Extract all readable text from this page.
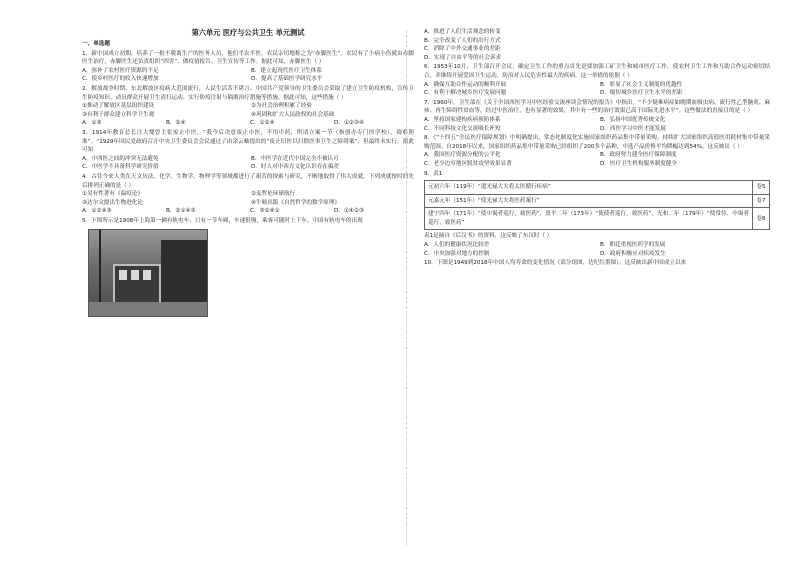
第六单元 医疗与公共卫生 单元测试
一、单选题
1．新中国成立初期，培养了一批不脱离生产的医务人员，他们半农半医，农民亲切地称之为“赤脚医生”。农民有了小病小伤就由赤脚医生治疗，赤脚医生还负责组织“四害”、做疫情报告、卫生宣传等工作。据此可知，赤脚医生（ ）
A．弥补了农村医疗资源的不足	B．建立起现代医疗卫生体系
C．使乡村医疗的收入快速增加	D．提高了基础医学研究水平
2．解放战争时期，东北解放区疫病大范围流行，人民生活苦不堪言。中国共产党领导的卫生委员会采取了建立卫生防疫机构，宣传卫生防疫知识、动员群众开展卫生清扫运动、实行防疫注射与隔离治疗措施等措施。据此可知，这些措施（ ）
①推动了解放区基层组织建设	②为社会治理积累了经验
③有利于群众建立科学卫生观	④巩固和扩大人民政权的社会基础
A．①③	B．②④	C．①②④	D．①②③④
3．1914年教育总长汪大燮曾主张废止中医，“我今后决意废止中医，不用中药，所请立案一节（指创办专门医学校），碍难照准”。“1929年国民党政府召开中央卫生委员会会议通过了由余云岫提出的“废止旧医以扫除医事卫生之障碍案”，但最终未实行。据此可知
A．中西医之间的冲突无法避免	B．中医学在近代中国完全不被认可
C．中医学不具备科学研究价值	D．时人对中西方文化认识存在偏差
4．古往今来人类在天文历法、化学、生物学、物理学等领域都进行了艰苦的探索与研究，不断地取得了伟大成就。下列成就按时间先后排列正确的是（ ）
①吴有性著有《温疫论》	②麦哲伦环球航行
③达尔文提出生物进化论	④牛顿出版《自然哲学的数学原理》
A．①②④③	B．②①④③	C．③②④①	D．①④②③
5．下图所示是1908年上海第一辆有轨电车，只有一节车厢，车速很慢，乘客可随时上下车。中国有轨电车的出现
A．推进了人们生活观念的转变
B．完全改变了人们的出行方式
C．消除了中外交通事业的差距
D．实现了自由平等的社会诉求
6．1953年10月，卫生部召开会议，确定卫生工作的重点首先是要加强工矿卫生和城市医疗工作，使农村卫生工作和互助合作运动密切结合，并继续开展爱国卫生运动，防治对人民危害性最大的疾病。这一举措的依据（ ）
A．确保互助合作运动的顺利开展	B．彰显了社会主义制度的优越性
C．有利于解决城乡医疗发展问题	D．缩短城乡医疗卫生水平的差距
7．1960年，卫生部在《关于全国西医学习中医经验交流座谈会情况的报告》中指出，“不少疑难病症如晚期血吸虫病、流行性乙型脑炎、麻疹、再生障碍性贫血等，经过中医治疗，也有显著的效果，其中有一些的治疗效果已高于国际先进水平”。这些做法的直接目的是（ ）
A．坚持国家建构疾病预防体系	B．弘扬中国优秀传统文化
C．不同科技文化交流吸长补短	D．西医学习中医才能发展
8．《“十四五”全民医疗保障规划》中明确提出，常态化制度化实施国家组织药品集中带量采购，持续扩大国家组织高值医用耗材集中带量采购范围。自2018年以来，国家组织药品集中带量采购已经组织了200多个品种，中选产品价格平均降幅达到54%。这反映出（ ）
A．我国医疗资源分配的公平化	B．政府努力建全医疗保障制度
C．老少边穷地区脱贫攻坚效果显著	D．医疗卫生机构服务制度健全
9．表1
元初六年（119年）“遣光禄大夫将太医循行疾病”	卷5
元嘉元年（151年）“使光禄大夫将医药案行”	卷7
建宁四年（171年）“使中谒者巡行，致医药”，熹平二年（173年）“使使者巡行，致医药”，光和二年（179年）“使常侍、中谒者巡行，致医药”	卷8
表1是摘自《后汉书》的资料，这反映了东汉时（ ）
A．人们的健康状况比较差	B．朝廷重视医药学的发展
C．中央加强对地方的控制	D．政府积极应对疾疫发生
10．下图是1949到2018年中国人均寿命的变化情况（部分组图，边纪红墨图）。这反映出新中国成立以来
